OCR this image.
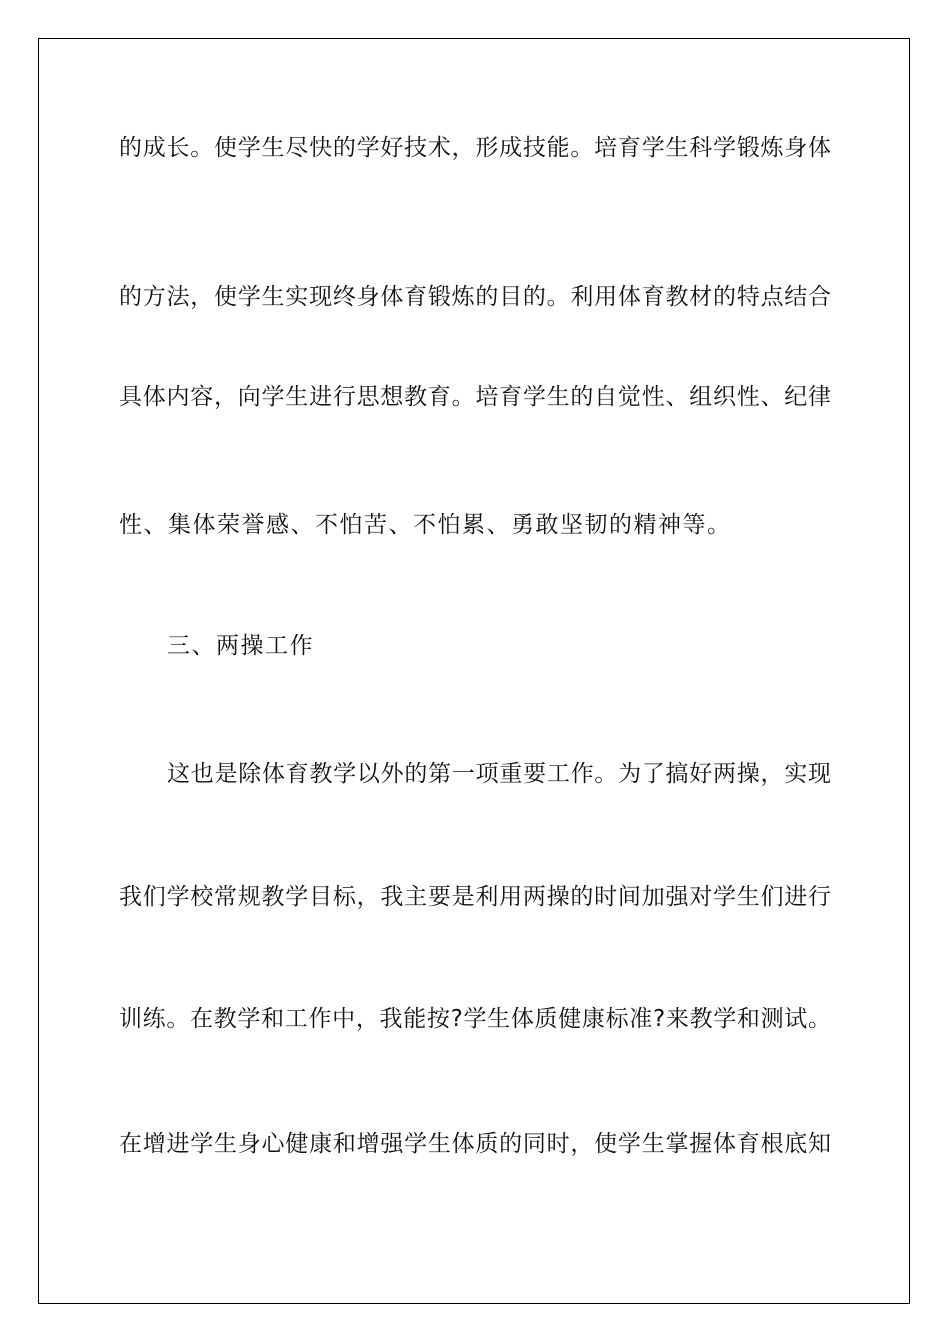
的成长。使学生尽快的学好技术，形成技能。培育学生科学锻炼身体
的方法，使学生实现终身体育锻炼的目的。利用体育教材的特点结合
具体内容，向学生进行思想教育。培育学生的自觉性、组织性、纪律
性、集体荣誉感、不怕苦、不怕累、勇敢坚韧的精神等。
三、两操工作
这也是除体育教学以外的第一项重要工作。为了搞好两操，实现
我们学校常规教学目标，我主要是利用两操的时间加强对学生们进行
训练。在教学和工作中，我能按?学生体质健康标准?来教学和测试。
在增进学生身心健康和增强学生体质的同时，使学生掌握体育根底知
